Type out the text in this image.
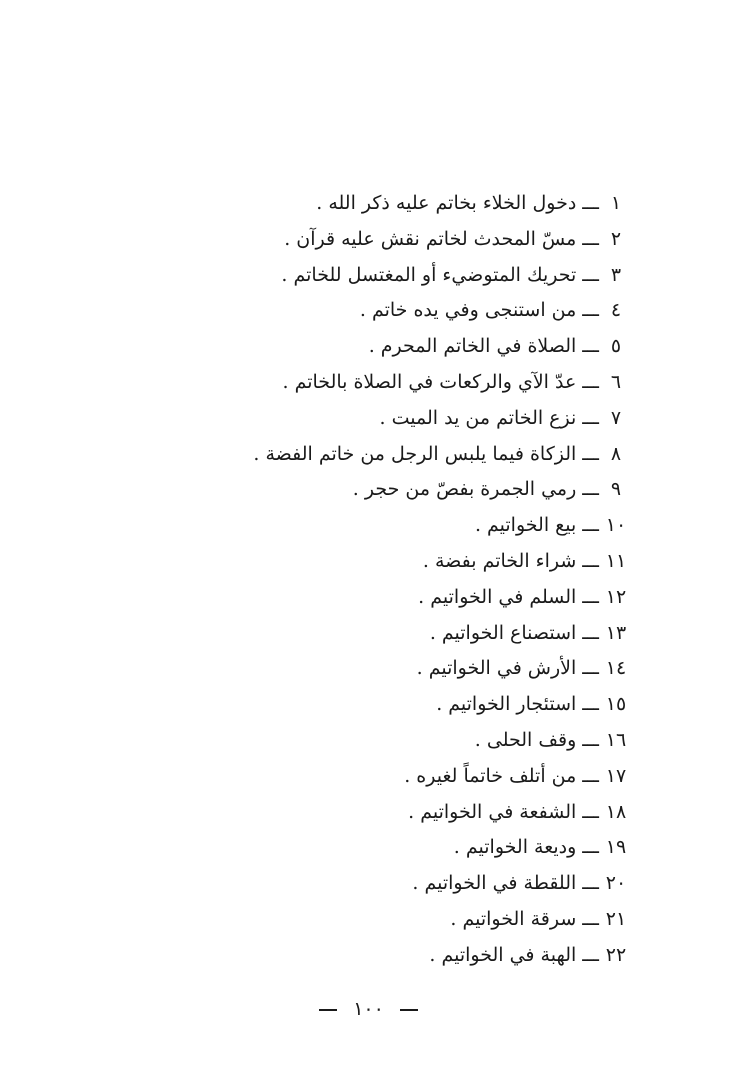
١ـــدخول الخلاء بخاتم عليه ذكر الله .
٢ـــمسّ المحدث لخاتم نقش عليه قرآن .
٣ـــتحريك المتوضيء أو المغتسل للخاتم .
٤ـــمن استنجى وفي يده خاتم .
٥ـــالصلاة في الخاتم المحرم .
٦ـــعدّ الآي والركعات في الصلاة بالخاتم .
٧ـــنزع الخاتم من يد الميت .
٨ـــالزكاة فيما يلبس الرجل من خاتم الفضة .
٩ـــرمي الجمرة بفصّ من حجر .
١٠ـــبيع الخواتيم .
١١ـــشراء الخاتم بفضة .
١٢ـــالسلم في الخواتيم .
١٣ـــاستصناع الخواتيم .
١٤ـــالأرش في الخواتيم .
١٥ـــاستئجار الخواتيم .
١٦ـــوقف الحلى .
١٧ـــمن أتلف خاتماً لغيره .
١٨ـــالشفعة في الخواتيم .
١٩ـــوديعة الخواتيم .
٢٠ـــاللقطة في الخواتيم .
٢١ـــسرقة الخواتيم .
٢٢ـــالهبة في الخواتيم .
١٠٠
